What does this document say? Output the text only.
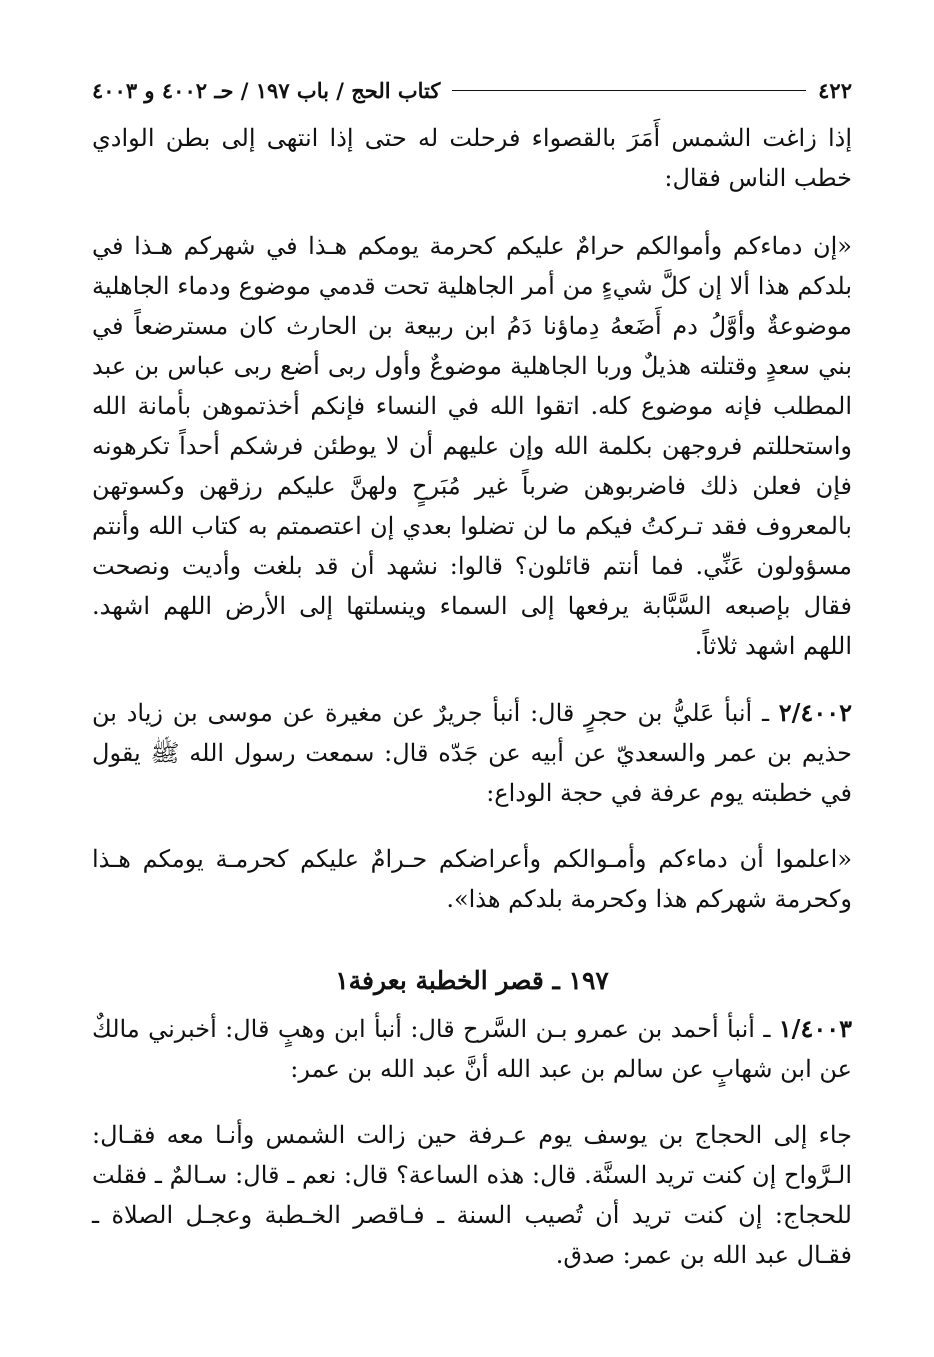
٤٢٢
كتاب الحج / باب ١٩٧ / حـ ٤٠٠٢ و ٤٠٠٣

إذا زاغت الشمس أَمَرَ بالقصواء فرحلت له حتى إذا انتهى إلى بطن الوادي خطب الناس فقال:

«إن دماءكم وأموالكم حرامٌ عليكم كحرمة يومكم هـذا في شهركم هـذا في بلدكم هذا ألا إن كلَّ شيءٍ من أمر الجاهلية تحت قدمي موضوع ودماء الجاهلية موضوعةٌ وأوَّلُ دم أَضَعهُ دِماؤنا دَمُ ابن ربيعة بن الحارث كان مسترضعاً في بني سعدٍ وقتلته هذيلٌ وربا الجاهلية موضوعٌ وأول ربى أضع ربى عباس بن عبد المطلب فإنه موضوع كله. اتقوا الله في النساء فإنكم أخذتموهن بأمانة الله واستحللتم فروجهن بكلمة الله وإن عليهم أن لا يوطئن فرشكم أحداً تكرهونه فإن فعلن ذلك فاضربوهن ضرباً غير مُبَرحٍ ولهنَّ عليكم رزقهن وكسوتهن بالمعروف فقد تـركتُ فيكم ما لن تضلوا بعدي إن اعتصمتم به كتاب الله وأنتم مسؤولون عَنِّي. فما أنتم قائلون؟ قالوا: نشهد أن قد بلغت وأديت ونصحت فقال بإصبعه السَّبَّابة يرفعها إلى السماء وينسلتها إلى الأرض اللهم اشهد. اللهم اشهد ثلاثاً.

٢/٤٠٠٢ ـ أنبأ عَليُّ بن حجرٍ قال: أنبأ جريرٌ عن مغيرة عن موسى بن زياد بن حذيم بن عمر والسعديّ عن أبيه عن جَدّه قال: سمعت رسول الله ﷺ يقول في خطبته يوم عرفة في حجة الوداع:

«اعلموا أن دماءكم وأمـوالكم وأعراضكم حـرامٌ عليكم كحرمـة يومكم هـذا وكحرمة شهركم هذا وكحرمة بلدكم هذا».

١٩٧ ـ قصر الخطبة بعرفة١

١/٤٠٠٣ ـ أنبأ أحمد بن عمرو بـن السَّرح قال: أنبأ ابن وهبٍ قال: أخبرني مالكٌ عن ابن شهابٍ عن سالم بن عبد الله أنَّ عبد الله بن عمر:

جاء إلى الحجاج بن يوسف يوم عـرفة حين زالت الشمس وأنـا معه فقـال: الـرَّواح إن كنت تريد السنَّة. قال: هذه الساعة؟ قال: نعم ـ قال: سـالمٌ ـ فقلت للحجاج: إن كنت تريد أن تُصيب السنة ـ فـاقصر الخـطبة وعجـل الصلاة ـ فقـال عبد الله بن عمر: صدق.
